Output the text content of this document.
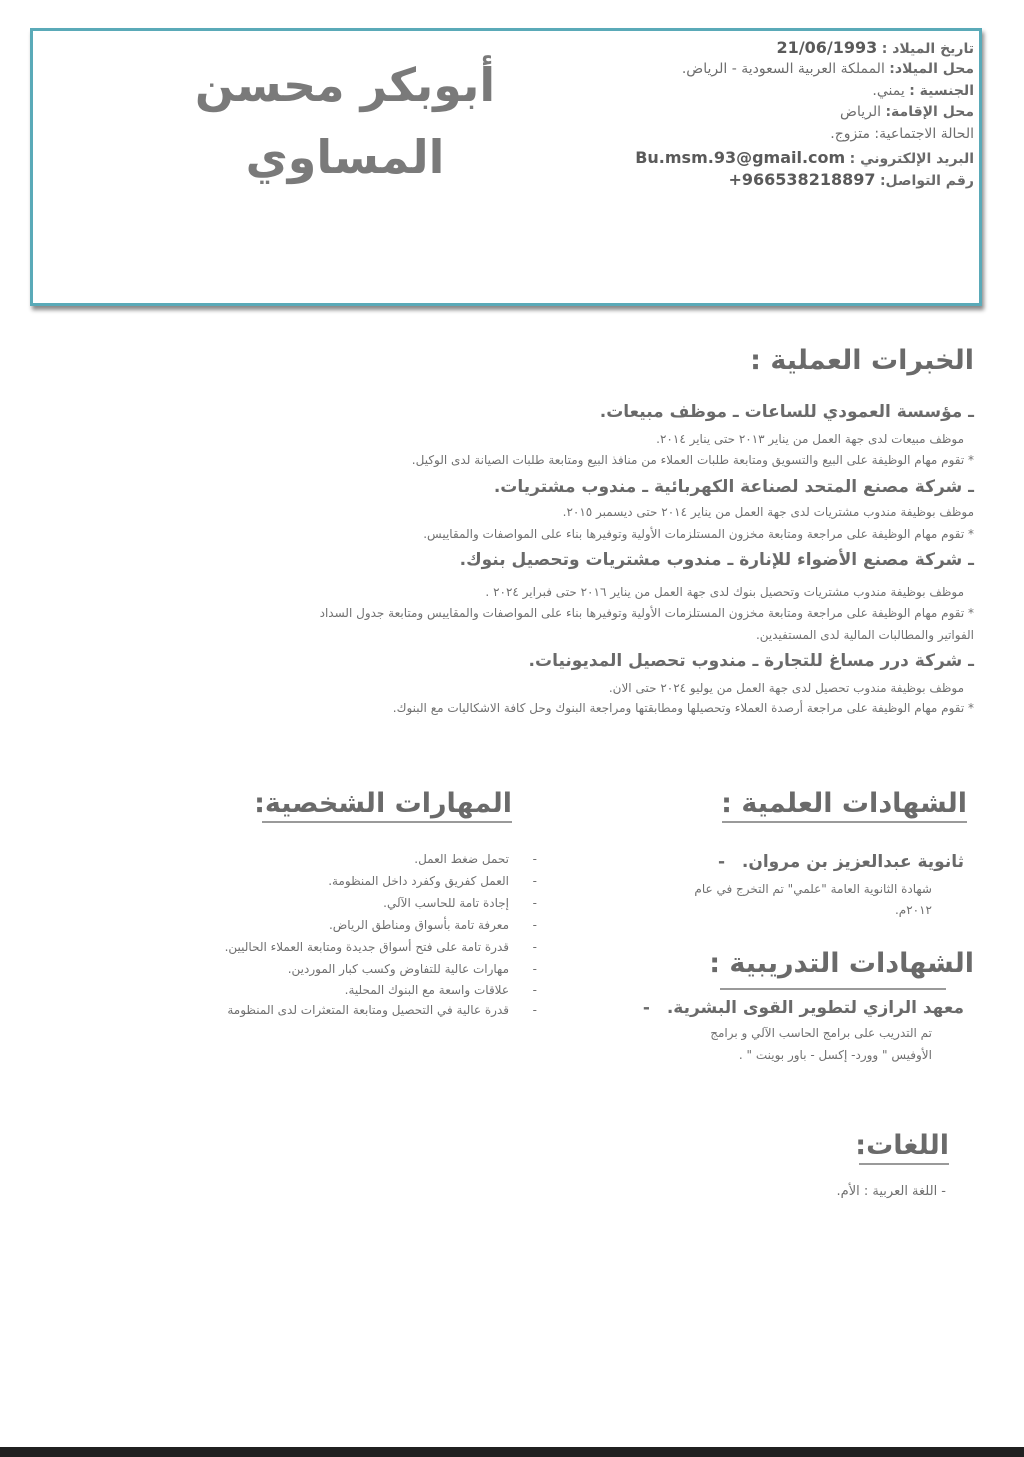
أبوبكر محسن
المساوي
تاريخ الميلاد : 21/06/1993
محل الميلاد: المملكة العربية السعودية - الرياض.
الجنسية : يمني.
محل الإقامة: الرياض
الحالة الاجتماعية: متزوج.
البريد الإلكتروني : Bu.msm.93@gmail.com
رقم التواصل: +966538218897
الخبرات العملية :
ـ مؤسسة العمودي للساعات ـ موظف مبيعات.
موظف مبيعات لدى جهة العمل من يناير ٢٠١٣ حتى يناير ٢٠١٤.
* تقوم مهام الوظيفة على البيع والتسويق ومتابعة طلبات العملاء من منافذ البيع ومتابعة طلبات الصيانة لدى الوكيل.
ـ شركة مصنع المتحد لصناعة الكهربائية ـ مندوب مشتريات.
موظف بوظيفة مندوب مشتريات لدى جهة العمل من يناير ٢٠١٤ حتى ديسمبر ٢٠١٥.
* تقوم مهام الوظيفة على مراجعة ومتابعة مخزون المستلزمات الأولية وتوفيرها بناء على المواصفات والمقاييس.
ـ شركة مصنع الأضواء للإنارة ـ مندوب مشتريات وتحصيل بنوك.
موظف بوظيفة مندوب مشتريات وتحصيل بنوك لدى جهة العمل من يناير ٢٠١٦ حتى فبراير ٢٠٢٤ .
* تقوم مهام الوظيفة على مراجعة ومتابعة مخزون المستلزمات الأولية وتوفيرها بناء على المواصفات والمقاييس ومتابعة جدول السداد
الفواتير والمطالبات المالية لدى المستفيدين.
ـ شركة درر مساغ للتجارة ـ مندوب تحصيل المديونيات.
موظف بوظيفة مندوب تحصيل لدى جهة العمل من يوليو ٢٠٢٤ حتى الان.
* تقوم مهام الوظيفة على مراجعة أرصدة العملاء وتحصيلها ومطابقتها ومراجعة البنوك وحل كافة الاشكاليات مع البنوك.
الشهادات العلمية :
ثانوية عبدالعزيز بن مروان. -
شهادة الثانوية العامة "علمي" تم التخرج في عام
٢٠١٢م.
الشهادات التدريبية :
معهد الرازي لتطوير القوى البشرية. -
تم التدريب على برامج الحاسب الآلي و برامج
الأوفيس " وورد- إكسل - باور بوينت " .
المهارات الشخصية:
- تحمل ضغط العمل.
- العمل كفريق وكفرد داخل المنظومة.
- إجادة تامة للحاسب الآلي.
- معرفة تامة بأسواق ومناطق الرياض.
- قدرة تامة على فتح أسواق جديدة ومتابعة العملاء الحاليين.
- مهارات عالية للتفاوض وكسب كبار الموردين.
- علاقات واسعة مع البنوك المحلية.
- قدرة عالية في التحصيل ومتابعة المتعثرات لدى المنظومة
اللغات:
- اللغة العربية : الأم.
